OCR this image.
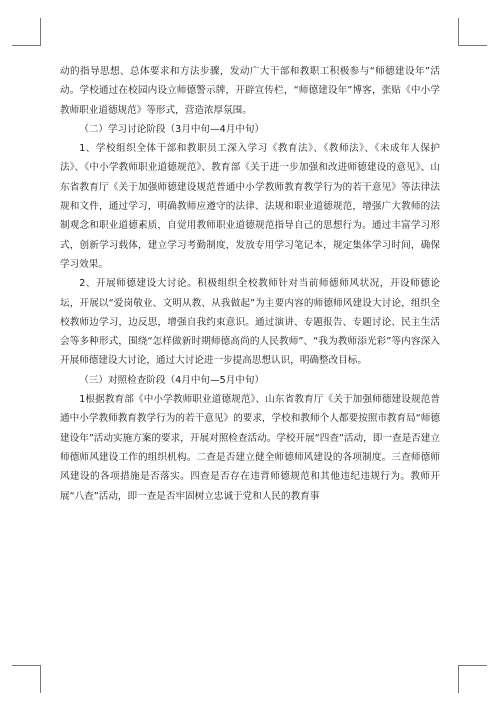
动的指导思想、总体要求和方法步骤，发动广大干部和教职工积极参与“师德建设年”活动。学校通过在校园内设立师德警示牌，开辟宣传栏，“师德建设年”博客，张贴《中小学教师职业道德规范》等形式，营造浓厚氛围。

（二）学习讨论阶段（3月中旬—4月中旬）

1、学校组织全体干部和教职员工深入学习《教育法》、《教师法》、《未成年人保护法》、《中小学教师职业道德规范》、教育部《关于进一步加强和改进师德建设的意见》、山东省教育厅《关于加强师德建设规范普通中小学教师教育教学行为的若干意见》等法律法规和文件，通过学习，明确教师应遵守的法律、法规和职业道德规范，增强广大教师的法制观念和职业道德素质，自觉用教师职业道德规范指导自己的思想行为。通过丰富学习形式，创新学习载体，建立学习考勤制度，发放专用学习笔记本，规定集体学习时间，确保学习效果。

2、开展师德建设大讨论。积极组织全校教师针对当前师德师风状况，开设师德论坛，开展以“爱岗敬业、文明从教、从我做起”为主要内容的师德师风建设大讨论，组织全校教师边学习，边反思，增强自我约束意识。通过演讲、专题报告、专题讨论、民主生活会等多种形式，围绕“怎样做新时期师德高尚的人民教师”、“我为教师添光彩”等内容深入开展师德建设大讨论，通过大讨论进一步提高思想认识，明确整改目标。

（三）对照检查阶段（4月中旬—5月中旬）

1根据教育部《中小学教师职业道德规范》、山东省教育厅《关于加强师德建设规范普通中小学教师教育教学行为的若干意见》的要求，学校和教师个人都要按照市教育局“师德建设年”活动实施方案的要求，开展对照检查活动。学校开展“四查”活动，即一查是否建立师德师风建设工作的组织机构。二查是否建立健全师德师风建设的各项制度。三查师德师风建设的各项措施是否落实。四查是否存在违背师德规范和其他违纪违规行为。教师开展“八查”活动，即一查是否牢固树立忠诚于党和人民的教育事
